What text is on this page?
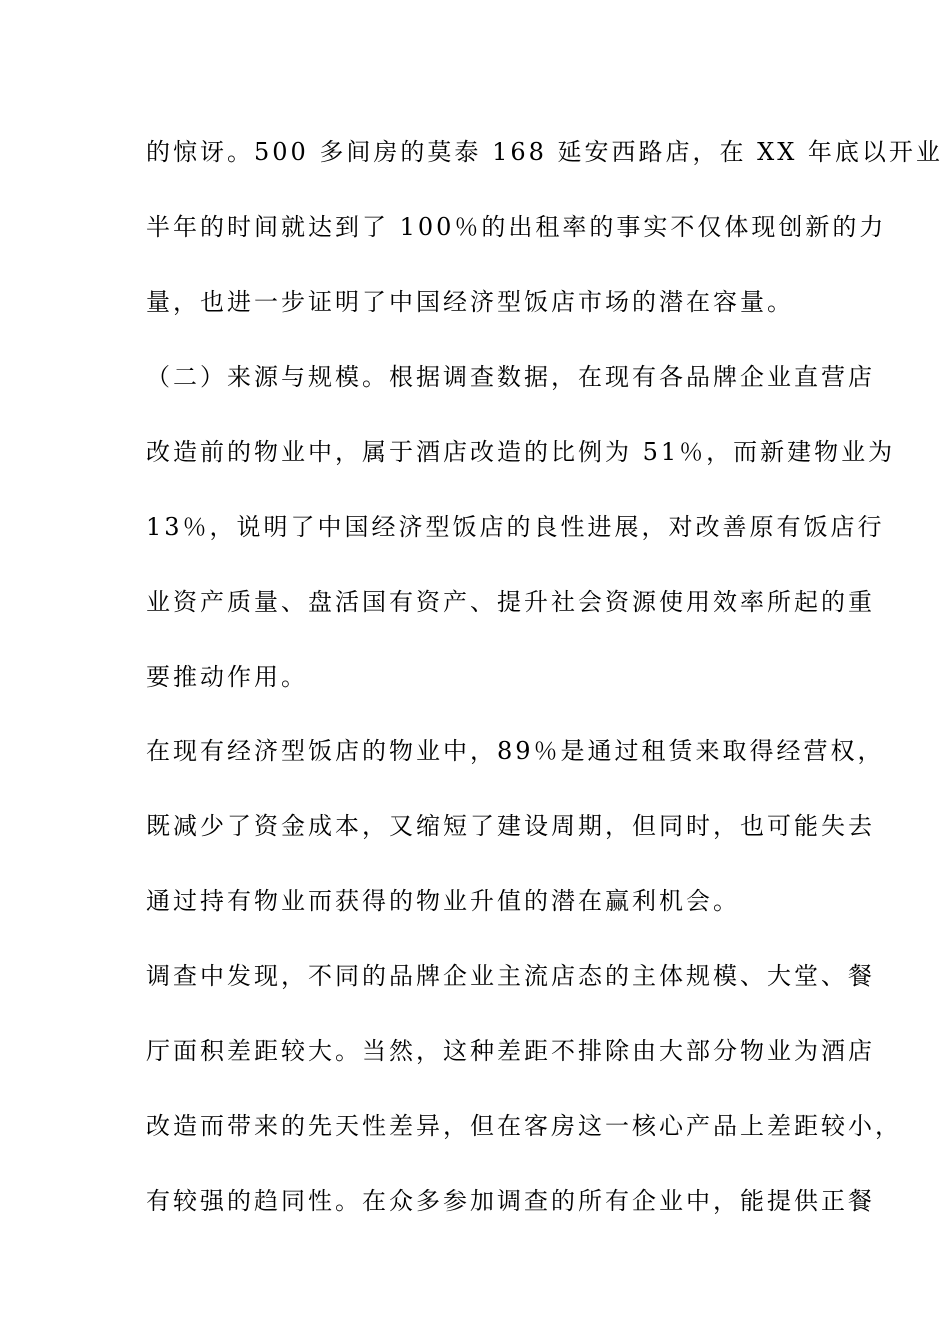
的惊讶。500 多间房的莫泰 168 延安西路店，在 XX 年底以开业
半年的时间就达到了 100％的出租率的事实不仅体现创新的力
量，也进一步证明了中国经济型饭店市场的潜在容量。
（二）来源与规模。根据调查数据，在现有各品牌企业直营店
改造前的物业中，属于酒店改造的比例为 51％，而新建物业为
13％，说明了中国经济型饭店的良性进展，对改善原有饭店行
业资产质量、盘活国有资产、提升社会资源使用效率所起的重
要推动作用。
在现有经济型饭店的物业中，89％是通过租赁来取得经营权，
既减少了资金成本，又缩短了建设周期，但同时，也可能失去
通过持有物业而获得的物业升值的潜在赢利机会。
调查中发现，不同的品牌企业主流店态的主体规模、大堂、餐
厅面积差距较大。当然，这种差距不排除由大部分物业为酒店
改造而带来的先天性差异，但在客房这一核心产品上差距较小，
有较强的趋同性。在众多参加调查的所有企业中，能提供正餐
